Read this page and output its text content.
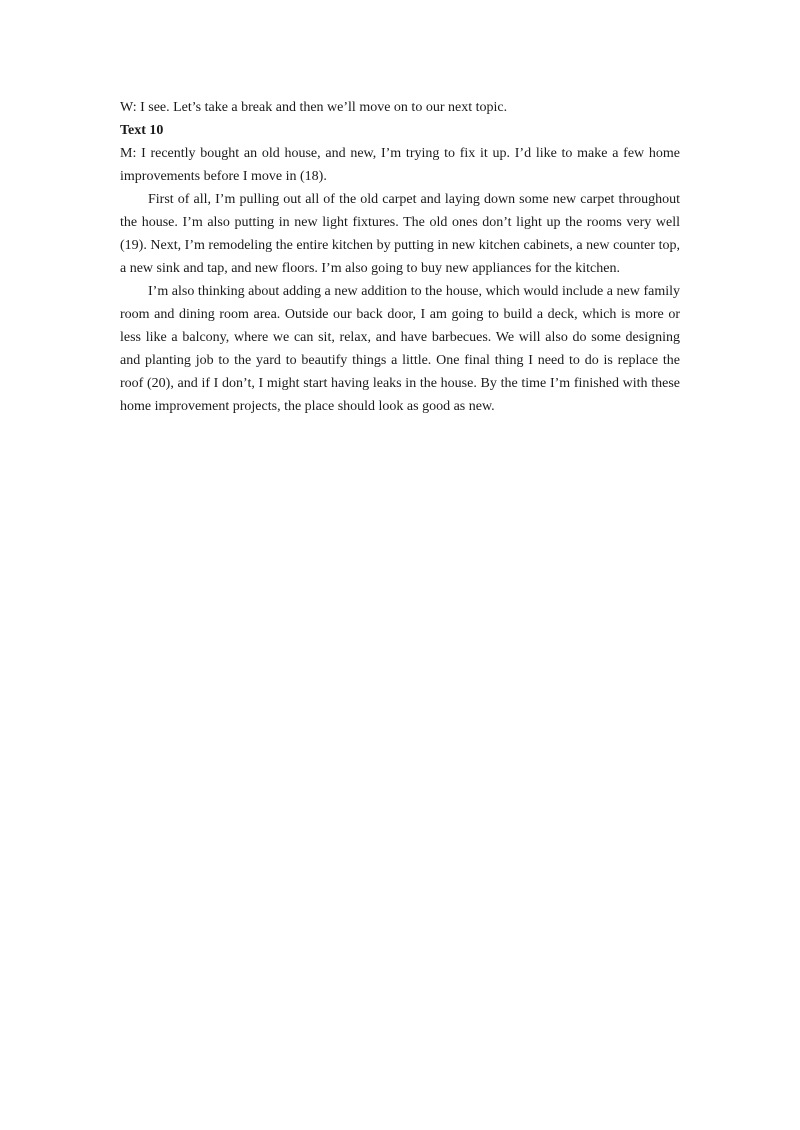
W: I see. Let’s take a break and then we’ll move on to our next topic.

Text 10

M: I recently bought an old house, and new, I’m trying to fix it up. I’d like to make a few home improvements before I move in (18).

First of all, I’m pulling out all of the old carpet and laying down some new carpet throughout the house. I’m also putting in new light fixtures. The old ones don’t light up the rooms very well (19). Next, I’m remodeling the entire kitchen by putting in new kitchen cabinets, a new counter top, a new sink and tap, and new floors. I’m also going to buy new appliances for the kitchen.

I’m also thinking about adding a new addition to the house, which would include a new family room and dining room area. Outside our back door, I am going to build a deck, which is more or less like a balcony, where we can sit, relax, and have barbecues. We will also do some designing and planting job to the yard to beautify things a little. One final thing I need to do is replace the roof (20), and if I don’t, I might start having leaks in the house. By the time I’m finished with these home improvement projects, the place should look as good as new.
